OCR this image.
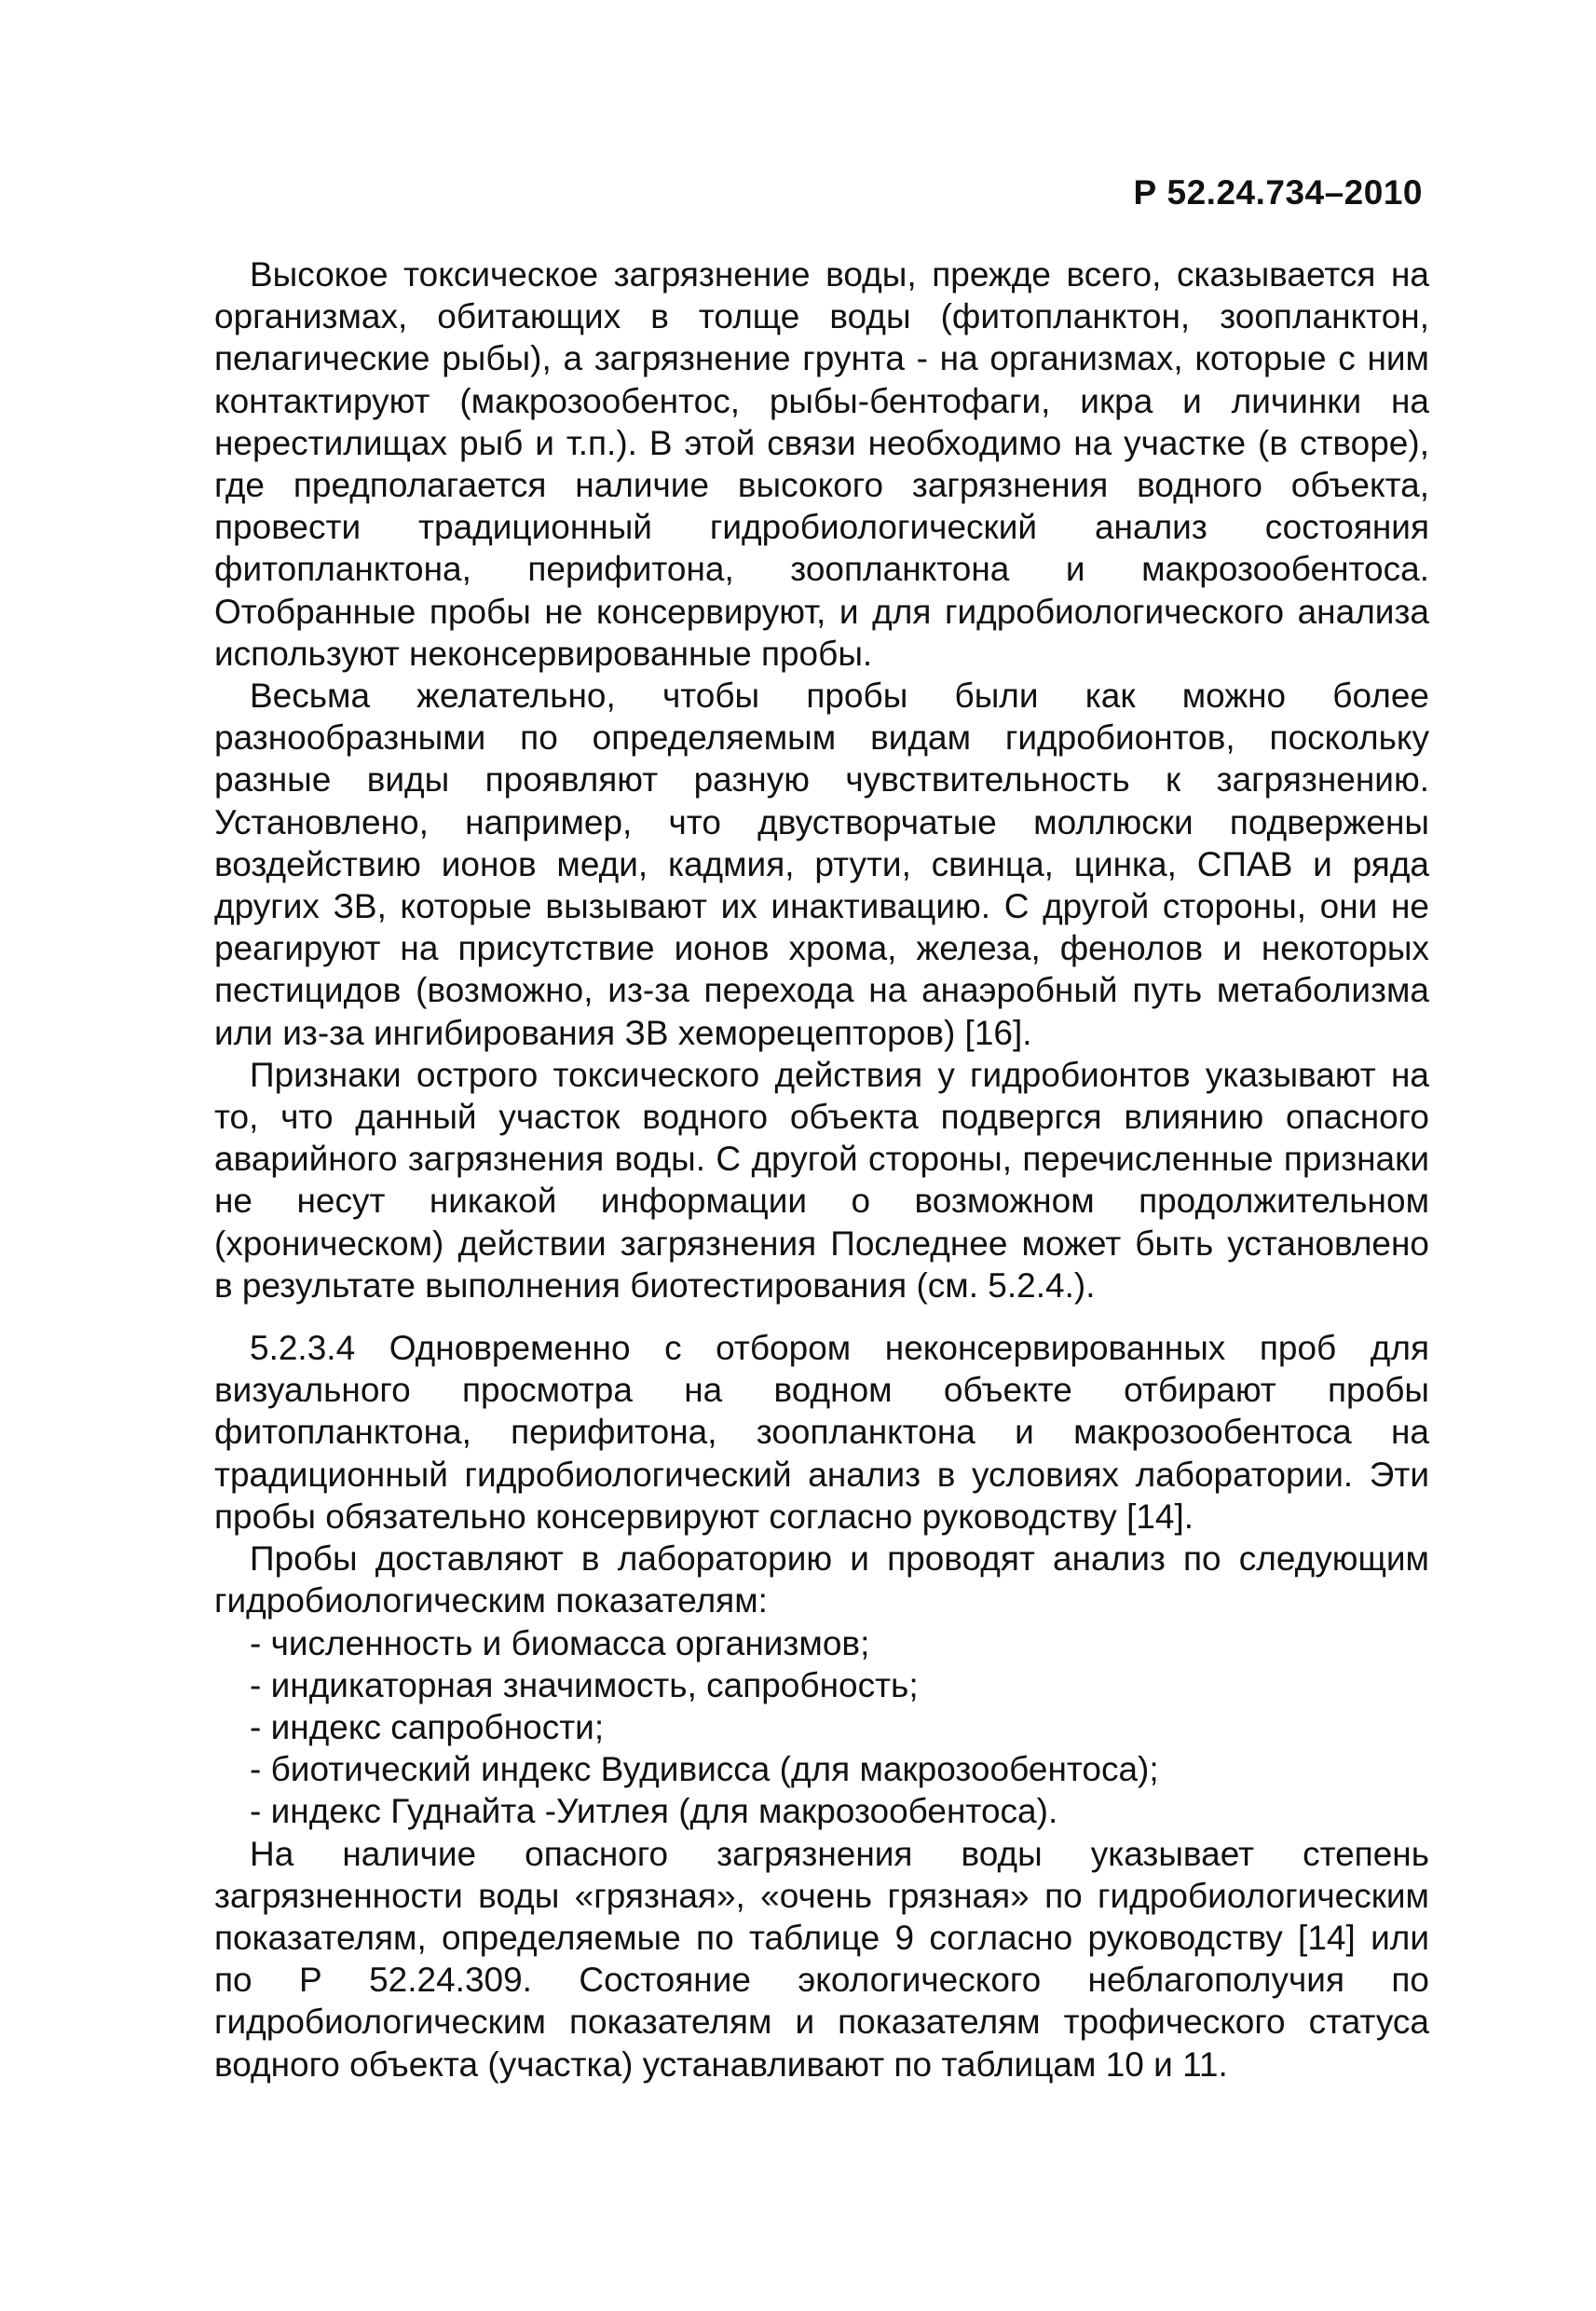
Р 52.24.734–2010

Высокое токсическое загрязнение воды, прежде всего, сказывается на организмах, обитающих в толще воды (фитопланктон, зоопланктон, пелагические рыбы), а загрязнение грунта - на организмах, которые с ним контактируют (макрозообентос, рыбы-бентофаги, икра и личинки на нерестилищах рыб и т.п.). В этой связи необходимо на участке (в створе), где предполагается наличие высокого загрязнения водного объекта, провести традиционный гидробиологический анализ состояния фитопланктона, перифитона, зоопланктона и макрозообентоса. Отобранные пробы не консервируют, и для гидробиологического анализа используют неконсервированные пробы.

Весьма желательно, чтобы пробы были как можно более разнообразными по определяемым видам гидробионтов, поскольку разные виды проявляют разную чувствительность к загрязнению. Установлено, например, что двустворчатые моллюски подвержены воздействию ионов меди, кадмия, ртути, свинца, цинка, СПАВ и ряда других ЗВ, которые вызывают их инактивацию. С другой стороны, они не реагируют на присутствие ионов хрома, железа, фенолов и некоторых пестицидов (возможно, из-за перехода на анаэробный путь метаболизма или из-за ингибирования ЗВ хеморецепторов) [16].

Признаки острого токсического действия у гидробионтов указывают на то, что данный участок водного объекта подвергся влиянию опасного аварийного загрязнения воды. С другой стороны, перечисленные признаки не несут никакой информации о возможном продолжительном (хроническом) действии загрязнения Последнее может быть установлено в результате выполнения биотестирования (см. 5.2.4.).

5.2.3.4 Одновременно с отбором неконсервированных проб для визуального просмотра на водном объекте отбирают пробы фитопланктона, перифитона, зоопланктона и макрозообентоса на традиционный гидробиологический анализ в условиях лаборатории. Эти пробы обязательно консервируют согласно руководству [14].

Пробы доставляют в лабораторию и проводят анализ по следующим гидробиологическим показателям:

- численность и биомасса организмов;
- индикаторная значимость, сапробность;
- индекс сапробности;
- биотический индекс Вудивисса (для макрозообентоса);
- индекс Гуднайта -Уитлея (для макрозообентоса).

На наличие опасного загрязнения воды указывает степень загрязненности воды «грязная», «очень грязная» по гидробиологическим показателям, определяемые по таблице 9 согласно руководству [14] или по Р 52.24.309. Состояние экологического неблагополучия по гидробиологическим показателям и показателям трофического статуса водного объекта (участка) устанавливают по таблицам 10 и 11.
